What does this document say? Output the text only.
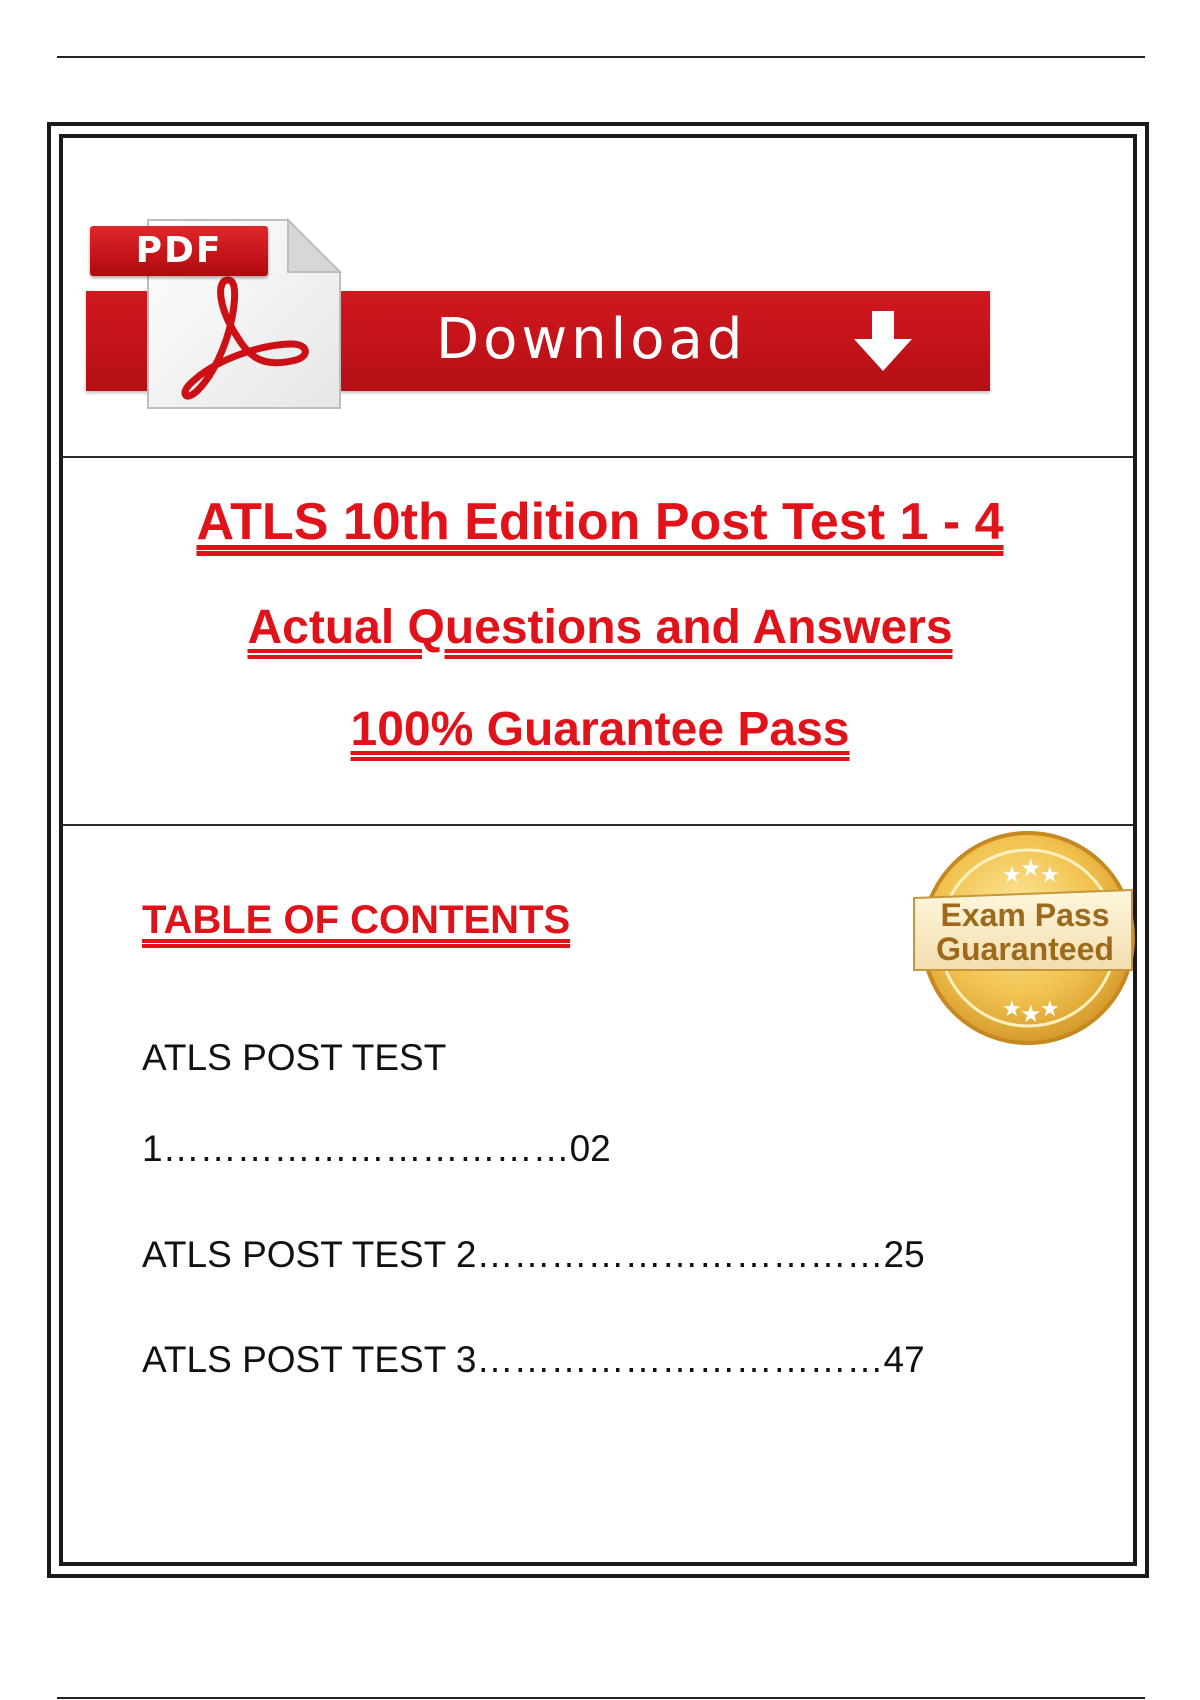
Download
PDF
ATLS 10th Edition Post Test 1 - 4
Actual Questions and Answers
100% Guarantee Pass
★
★
★
★
★
★
Exam Pass
Guaranteed
TABLE OF CONTENTS
ATLS POST TEST
1……………………………02
ATLS POST TEST 2……………………………25
ATLS POST TEST 3……………………………47
